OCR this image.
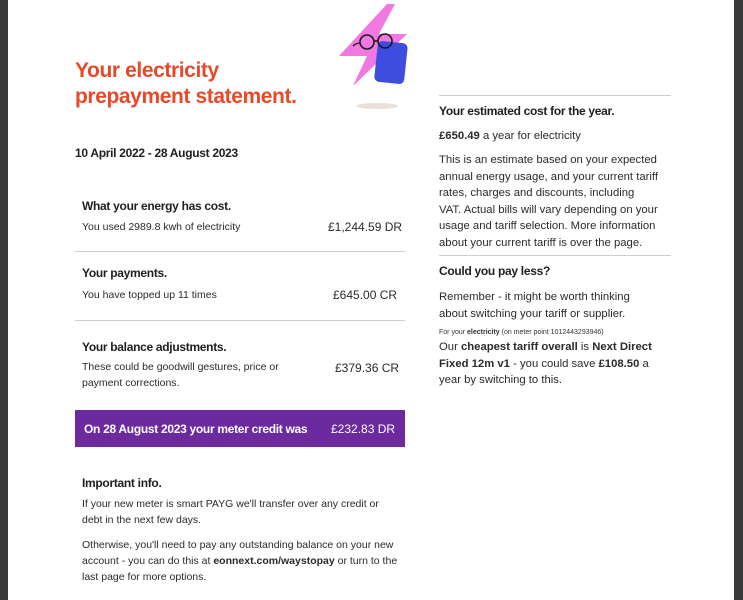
Your electricity
prepayment statement.
10 April 2022 - 28 August 2023
What your energy has cost.
You used 2989.8 kwh of electricity	£1,244.59 DR
Your payments.
You have topped up 11 times	£645.00 CR
Your balance adjustments.
These could be goodwill gestures, price or
payment corrections.
£379.36 CR
On 28 August 2023 your meter credit was £232.83 DR
Important info.
If your new meter is smart PAYG we'll transfer over any credit or
debt in the next few days.
Otherwise, you'll need to pay any outstanding balance on your new
account - you can do this at eonnext.com/waystopay or turn to the
last page for more options.
Your estimated cost for the year.
£650.49 a year for electricity
This is an estimate based on your expected
annual energy usage, and your current tariff
rates, charges and discounts, including
VAT. Actual bills will vary depending on your
usage and tariff selection. More information
about your current tariff is over the page.
Could you pay less?
Remember - it might be worth thinking
about switching your tariff or supplier.
For your electricity (on meter point 1012443293946)
Our cheapest tariff overall is Next Direct
Fixed 12m v1 - you could save £108.50 a
year by switching to this.
